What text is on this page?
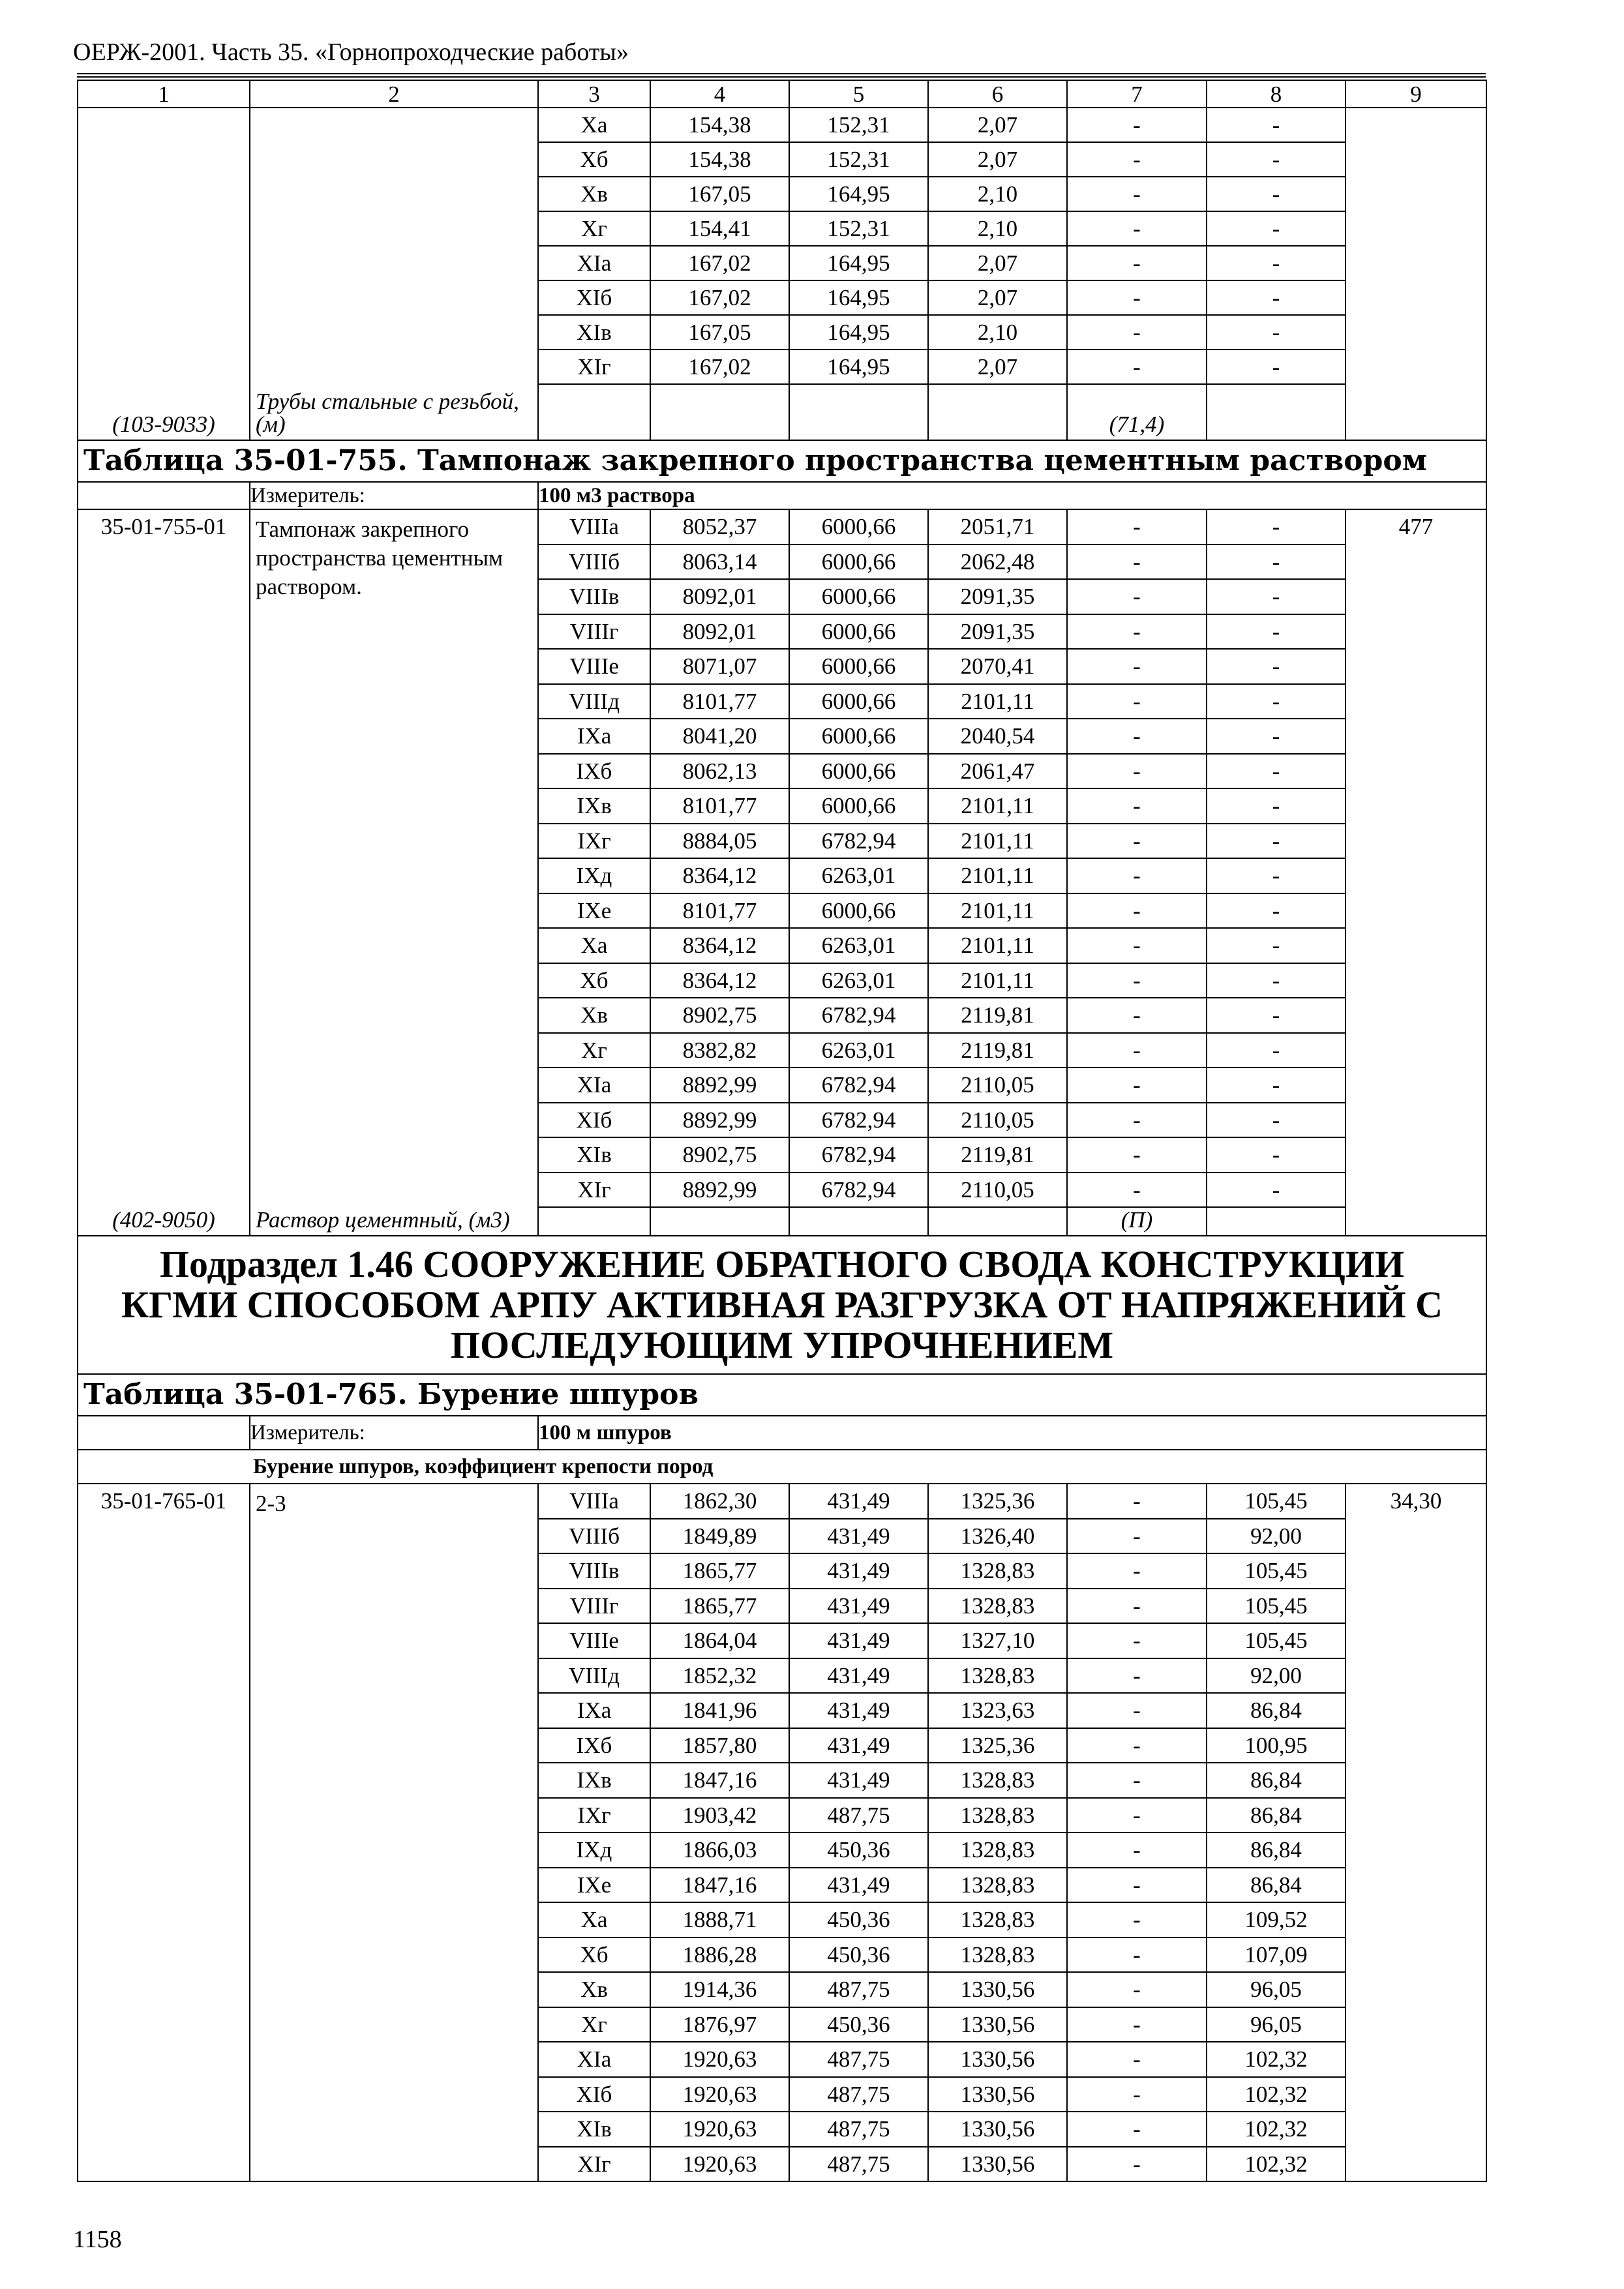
ОЕРЖ-2001. Часть 35. «Горнопроходческие работы»
1	2	3	4	5	6	7	8	9
		Xа	154,38	152,31	2,07	-	-	
		Xб	154,38	152,31	2,07	-	-	
		Xв	167,05	164,95	2,10	-	-	
		Xг	154,41	152,31	2,10	-	-	
		XIа	167,02	164,95	2,07	-	-	
		XIб	167,02	164,95	2,07	-	-	
		XIв	167,05	164,95	2,10	-	-	
		XIг	167,02	164,95	2,07	-	-	
(103-9033)	Трубы стальные с резьбой, (м)					(71,4)		
Таблица 35-01-755. Тампонаж закрепного пространства цементным раствором								
	Измеритель:	100 м3 раствора						
35-01-755-01	Тампонаж закрепного пространства цементным раствором.	VIIIа	8052,37	6000,66	2051,71	-	-	477
		VIIIб	8063,14	6000,66	2062,48	-	-	
		VIIIв	8092,01	6000,66	2091,35	-	-	
		VIIIг	8092,01	6000,66	2091,35	-	-	
		VIIIе	8071,07	6000,66	2070,41	-	-	
		VIIIд	8101,77	6000,66	2101,11	-	-	
		IXа	8041,20	6000,66	2040,54	-	-	
		IXб	8062,13	6000,66	2061,47	-	-	
		IXв	8101,77	6000,66	2101,11	-	-	
		IXг	8884,05	6782,94	2101,11	-	-	
		IXд	8364,12	6263,01	2101,11	-	-	
		IXе	8101,77	6000,66	2101,11	-	-	
		Xа	8364,12	6263,01	2101,11	-	-	
		Xб	8364,12	6263,01	2101,11	-	-	
		Xв	8902,75	6782,94	2119,81	-	-	
		Xг	8382,82	6263,01	2119,81	-	-	
		XIа	8892,99	6782,94	2110,05	-	-	
		XIб	8892,99	6782,94	2110,05	-	-	
		XIв	8902,75	6782,94	2119,81	-	-	
		XIг	8892,99	6782,94	2110,05	-	-	
(402-9050)	Раствор цементный, (м3)					(П)		
Подраздел 1.46 СООРУЖЕНИЕ ОБРАТНОГО СВОДА КОНСТРУКЦИИ КГМИ СПОСОБОМ АРПУ АКТИВНАЯ РАЗГРУЗКА ОТ НАПРЯЖЕНИЙ С ПОСЛЕДУЮЩИМ УПРОЧНЕНИЕМ								
Таблица 35-01-765. Бурение шпуров								
	Измеритель:	100 м шпуров						
Бурение шпуров, коэффициент крепости пород								
35-01-765-01	2-3	VIIIа	1862,30	431,49	1325,36	-	105,45	34,30
		VIIIб	1849,89	431,49	1326,40	-	92,00	
		VIIIв	1865,77	431,49	1328,83	-	105,45	
		VIIIг	1865,77	431,49	1328,83	-	105,45	
		VIIIе	1864,04	431,49	1327,10	-	105,45	
		VIIIд	1852,32	431,49	1328,83	-	92,00	
		IXа	1841,96	431,49	1323,63	-	86,84	
		IXб	1857,80	431,49	1325,36	-	100,95	
		IXв	1847,16	431,49	1328,83	-	86,84	
		IXг	1903,42	487,75	1328,83	-	86,84	
		IXд	1866,03	450,36	1328,83	-	86,84	
		IXе	1847,16	431,49	1328,83	-	86,84	
		Xа	1888,71	450,36	1328,83	-	109,52	
		Xб	1886,28	450,36	1328,83	-	107,09	
		Xв	1914,36	487,75	1330,56	-	96,05	
		Xг	1876,97	450,36	1330,56	-	96,05	
		XIа	1920,63	487,75	1330,56	-	102,32	
		XIб	1920,63	487,75	1330,56	-	102,32	
		XIв	1920,63	487,75	1330,56	-	102,32	
		XIг	1920,63	487,75	1330,56	-	102,32	
1158
